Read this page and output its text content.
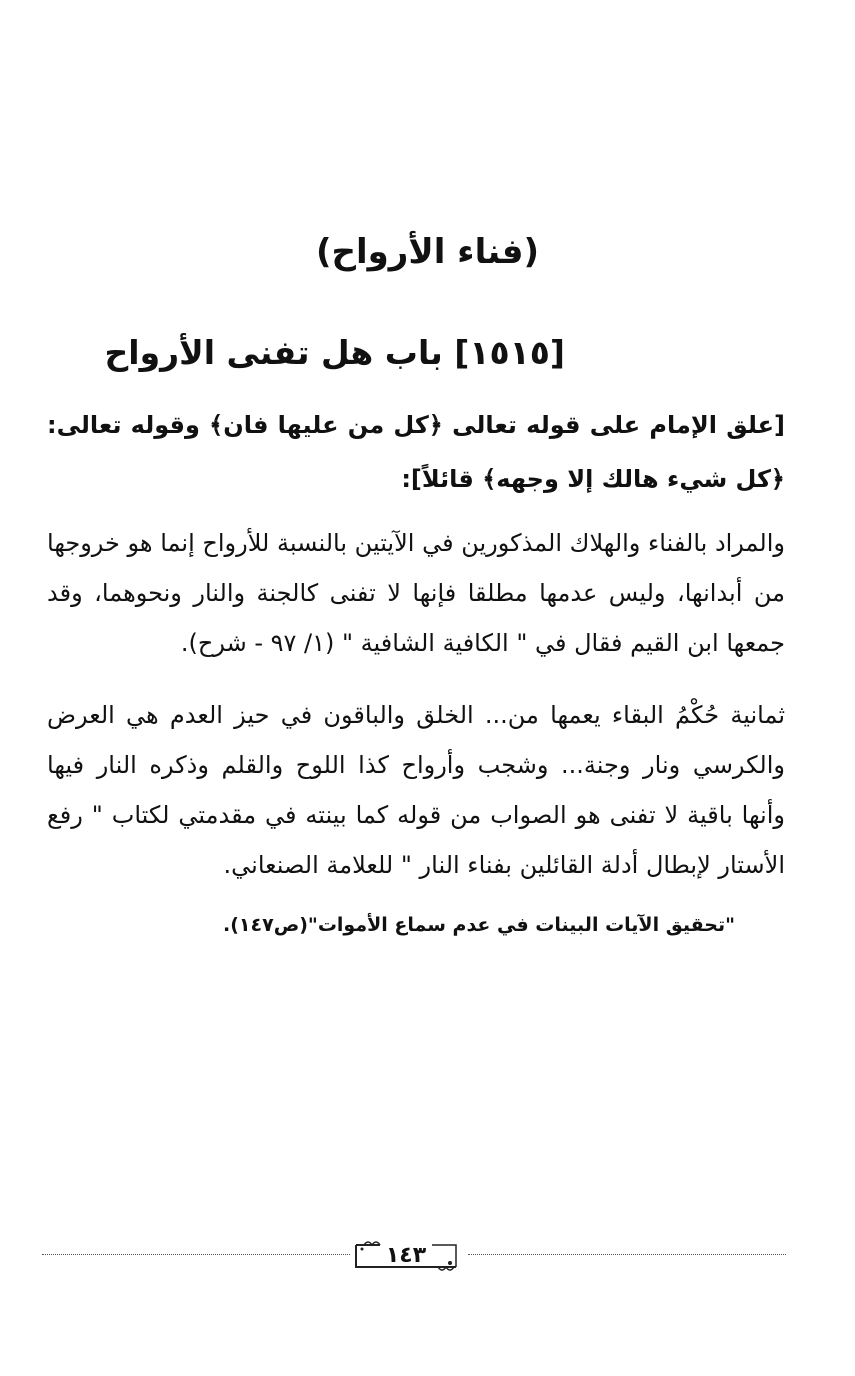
(فناء الأرواح)
[١٥١٥] باب هل تفنى الأرواح
[علق الإمام على قوله تعالى ﴿كل من عليها فان﴾ وقوله تعالى: ﴿كل شيء هالك إلا وجهه﴾ قائلاً]:
والمراد بالفناء والهلاك المذكورين في الآيتين بالنسبة للأرواح إنما هو خروجها من أبدانها، وليس عدمها مطلقا فإنها لا تفنى كالجنة والنار ونحوهما، وقد جمعها ابن القيم فقال في " الكافية الشافية " (١/ ٩٧ - شرح).
ثمانية حُكْمُ البقاء يعمها من... الخلق والباقون في حيز العدم هي العرض والكرسي ونار وجنة... وشجب وأرواح كذا اللوح والقلم وذكره النار فيها وأنها باقية لا تفنى هو الصواب من قوله كما بينته في مقدمتي لكتاب " رفع الأستار لإبطال أدلة القائلين بفناء النار " للعلامة الصنعاني.
"تحقيق الآيات البينات في عدم سماع الأموات"(ص١٤٧).
١٤٣
